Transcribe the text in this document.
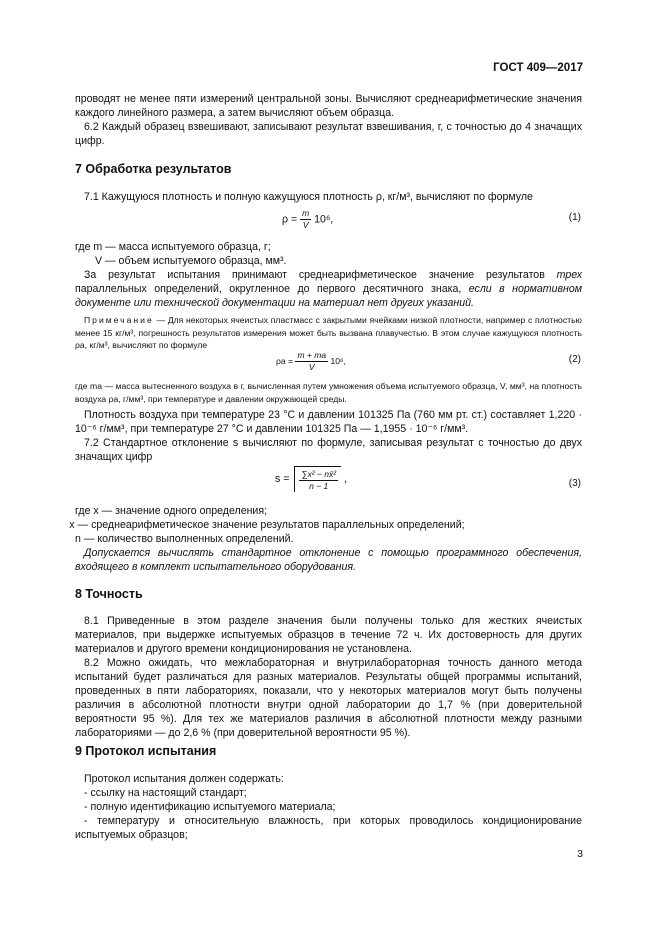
ГОСТ 409—2017
проводят не менее пяти измерений центральной зоны. Вычисляют среднеарифметические значения каждого линейного размера, а затем вычисляют объем образца.
6.2 Каждый образец взвешивают, записывают результат взвешивания, г, с точностью до 4 значащих цифр.
7 Обработка результатов
7.1 Кажущуюся плотность и полную кажущуюся плотность ρ, кг/м³, вычисляют по формуле
$\rho = \frac{m}{V} 10^6$,	(1)
где m — масса испытуемого образца, г;
V — объем испытуемого образца, мм³.
За результат испытания принимают среднеарифметическое значение результатов трех параллельных определений, округленное до первого десятичного знака, если в нормативном документе или технической документации на материал нет других указаний.
Примечание — Для некоторых ячеистых пластмасс с закрытыми ячейками низкой плотности, например с плотностью менее 15 кг/м³, погрешность результатов измерения может быть вызвана плавучестью. В этом случае кажущуюся плотность ρa, кг/м³, вычисляют по формуле
$\rho a = \frac{m + ma}{V} 10^6$,	(2)
где ma — масса вытесненного воздуха в г, вычисленная путем умножения объема испытуемого образца, V, мм³, на плотность воздуха ρa, г/мм³, при температуре и давлении окружающей среды.
Плотность воздуха при температуре 23 °С и давлении 101325 Па (760 мм рт. ст.) составляет 1,220 · 10⁻⁶ г/мм³, при температуре 27 °С и давлении 101325 Па — 1,1955 · 10⁻⁶ г/мм³.
7.2 Стандартное отклонение s вычисляют по формуле, записывая результат с точностью до двух значащих цифр
$s = \frac{\text{∑x² − nx̄²}}{n - 1}$ ,	(3)
где x — значение одного определения;
x — среднеарифметическое значение результатов параллельных определений;
n — количество выполненных определений.
Допускается вычислять стандартное отклонение с помощью программного обеспечения, входящего в комплект испытательного оборудования.
8 Точность
8.1 Приведенные в этом разделе значения были получены только для жестких ячеистых материалов, при выдержке испытуемых образцов в течение 72 ч. Их достоверность для других материалов и другого времени кондиционирования не установлена.
8.2 Можно ожидать, что межлабораторная и внутрилабораторная точность данного метода испытаний будет различаться для разных материалов. Результаты общей программы испытаний, проведенных в пяти лабораториях, показали, что у некоторых материалов могут быть получены различия в абсолютной плотности внутри одной лаборатории до 1,7 % (при доверительной вероятности 95 %). Для тех же материалов различия в абсолютной плотности между разными лабораториями — до 2,6 % (при доверительной вероятности 95 %).
9 Протокол испытания
Протокол испытания должен содержать:
- ссылку на настоящий стандарт;
- полную идентификацию испытуемого материала;
- температуру и относительную влажность, при которых проводилось кондиционирование испытуемых образцов;
3
